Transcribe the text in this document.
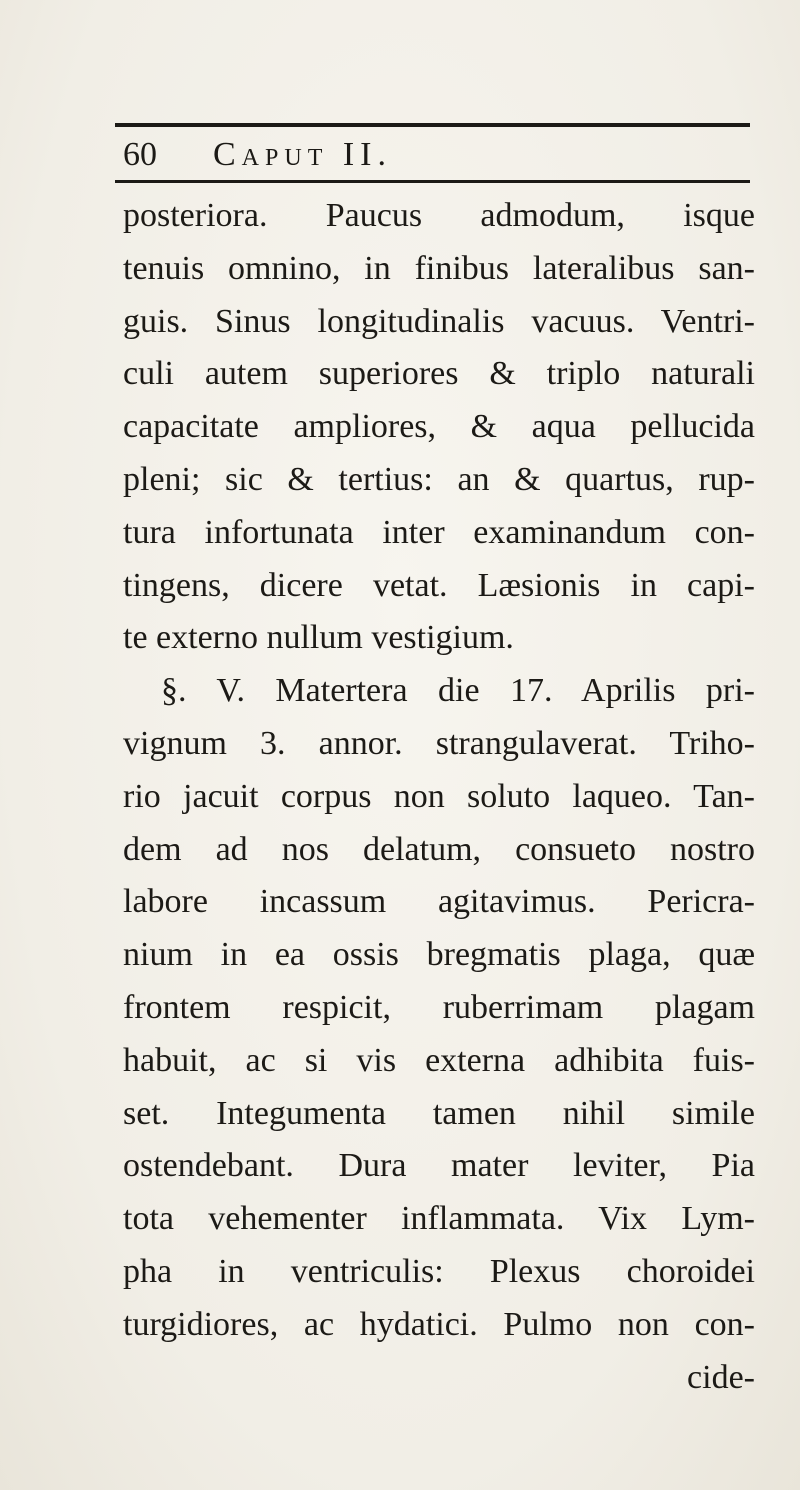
60 Caput II.
posteriora. Paucus admodum, isque
tenuis omnino, in finibus lateralibus san-
guis. Sinus longitudinalis vacuus. Ventri-
culi autem superiores & triplo naturali
capacitate ampliores, & aqua pellucida
pleni; sic & tertius: an & quartus, rup-
tura infortunata inter examinandum con-
tingens, dicere vetat. Læsionis in capi-
te externo nullum vestigium.
§. V. Matertera die 17. Aprilis pri-
vignum 3. annor. strangulaverat. Triho-
rio jacuit corpus non soluto laqueo. Tan-
dem ad nos delatum, consueto nostro
labore incassum agitavimus. Pericra-
nium in ea ossis bregmatis plaga, quæ
frontem respicit, ruberrimam plagam
habuit, ac si vis externa adhibita fuis-
set. Integumenta tamen nihil simile
ostendebant. Dura mater leviter, Pia
tota vehementer inflammata. Vix Lym-
pha in ventriculis: Plexus choroidei
turgidiores, ac hydatici. Pulmo non con-
cide-
